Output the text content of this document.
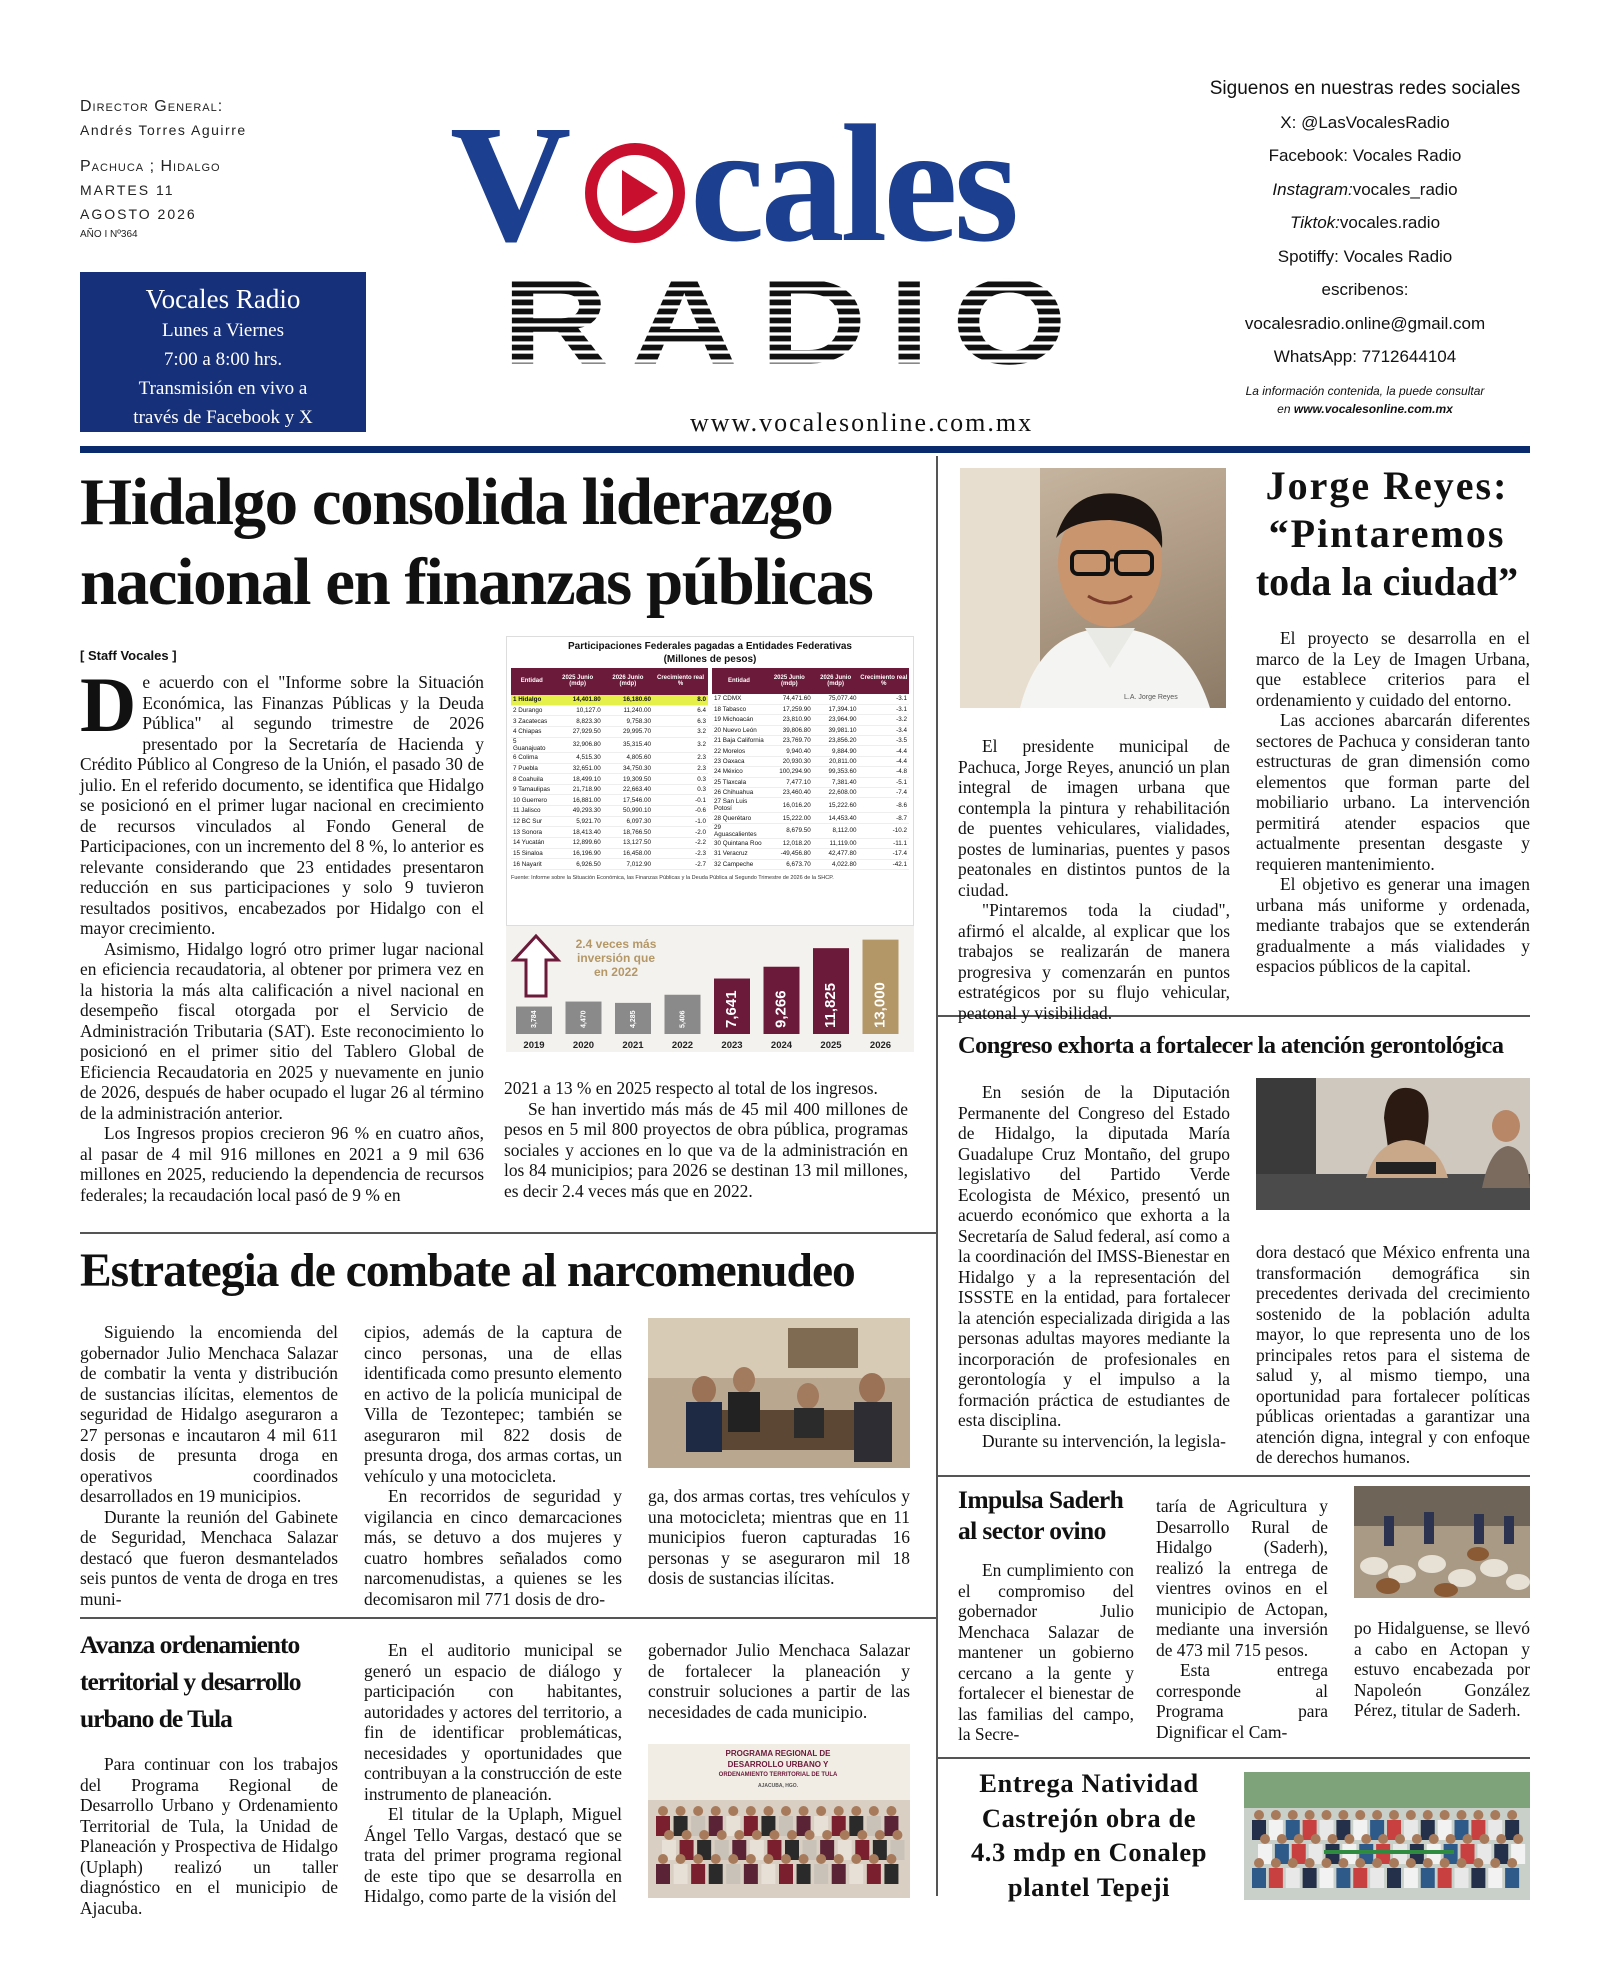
Director General:
Andrés Torres Aguirre
Pachuca ; Hidalgo
MARTES 11
AGOSTO 2026
AÑO I Nº364
Vocales Radio
Lunes a Viernes
7:00 a 8:00 hrs.
Transmisión en vivo a
través de Facebook y X
V cales
RADIO
www.vocalesonline.com.mx
Siguenos en nuestras redes sociales
X: @LasVocalesRadio
Facebook: Vocales Radio
Instagram:vocales_radio
Tiktok:vocales.radio
Spotiffy: Vocales Radio
escribenos:
vocalesradio.online@gmail.com
WhatsApp: 7712644104
La información contenida, la puede consultar
en www.vocalesonline.com.mx
Hidalgo consolida liderazgo
nacional en finanzas públicas
[ Staff Vocales ]

De acuerdo con el "Informe sobre la Situación Económica, las Finanzas Públicas y la Deuda Pública" al segundo trimestre de 2026 presentado por la Secretaría de Hacienda y Crédito Público al Congreso de la Unión, el pasado 30 de julio. En el referido documento, se identifica que Hidalgo se posicionó en el primer lugar nacional en crecimiento de recursos vinculados al Fondo General de Participaciones, con un incremento del 8 %, lo anterior es relevante considerando que 23 entidades presentaron reducción en sus participaciones y solo 9 tuvieron resultados positivos, encabezados por Hidalgo con el mayor crecimiento.

Asimismo, Hidalgo logró otro primer lugar nacional en eficiencia recaudatoria, al obtener por primera vez en la historia la más alta calificación a nivel nacional en desempeño fiscal otorgada por el Servicio de Administración Tributaria (SAT). Este reconocimiento lo posicionó en el primer sitio del Tablero Global de Eficiencia Recaudatoria en 2025 y nuevamente en junio de 2026, después de haber ocupado el lugar 26 al término de la administración anterior.

Los Ingresos propios crecieron 96 % en cuatro años, al pasar de 4 mil 916 millones en 2021 a 9 mil 636 millones en 2025, reduciendo la dependencia de recursos federales; la recaudación local pasó de 9 % en

Participaciones Federales pagadas a Entidades Federativas
(Millones de pesos)
Entidad	2025 Junio (mdp)	2026 Junio (mdp)	Crecimiento real %
1 Hidalgo	14,401.80	16,180.60	8.0
2 Durango	10,127.0	11,240.00	6.4
3 Zacatecas	8,823.30	9,758.30	6.3
4 Chiapas	27,929.50	29,995.70	3.2
5 Guanajuato	32,906.80	35,315.40	3.2
6 Colima	4,515.30	4,805.60	2.3
7 Puebla	32,651.00	34,750.30	2.3
8 Coahuila	18,499.10	19,309.50	0.3
9 Tamaulipas	21,718.90	22,663.40	0.3
10 Guerrero	16,881.00	17,546.00	-0.1
11 Jalisco	49,293.30	50,990.10	-0.6
12 BC Sur	5,921.70	6,097.30	-1.0
13 Sonora	18,413.40	18,766.50	-2.0
14 Yucatán	12,899.60	13,127.50	-2.2
15 Sinaloa	16,196.90	16,458.00	-2.3
16 Nayarit	6,926.50	7,012.90	-2.7
Entidad	2025 Junio (mdp)	2026 Junio (mdp)	Crecimiento real %
17 CDMX	74,471.60	75,077.40	-3.1
18 Tabasco	17,259.90	17,394.10	-3.1
19 Michoacán	23,810.90	23,964.90	-3.2
20 Nuevo León	39,806.80	39,981.10	-3.4
21 Baja California	23,769.70	23,856.20	-3.5
22 Morelos	9,940.40	9,884.90	-4.4
23 Oaxaca	20,930.30	20,811.00	-4.4
24 México	100,294.90	99,353.60	-4.8
25 Tlaxcala	7,477.10	7,381.40	-5.1
26 Chihuahua	23,460.40	22,608.00	-7.4
27 San Luis Potosí	16,016.20	15,222.60	-8.6
28 Querétaro	15,222.00	14,453.40	-8.7
29 Aguascalientes	8,679.50	8,112.00	-10.2
30 Quintana Roo	12,018.20	11,119.00	-11.1
31 Veracruz	-49,456.80	42,477.80	-17.4
32 Campeche	6,673.70	4,022.80	-42.1
Fuente: Informe sobre la Situación Económica, las Finanzas Públicas y la Deuda Pública al Segundo Trimestre de 2026 de la SHCP.
3,784
2019
4,470
2020
4,285
2021
5,406
2022
7,641
2023
9,266
2024
11,825
2025
13,000
2026
2.4 veces más
inversión que
en 2022

2021 a 13 % en 2025 respecto al total de los ingresos.

Se han invertido más más de 45 mil 400 millones de pesos en 5 mil 800 proyectos de obra pública, programas sociales y acciones en lo que va de la administración en los 84 municipios; para 2026 se destinan 13 mil millones, es decir 2.4 veces más que en 2022.

L.A. Jorge Reyes
Jorge Reyes:
“Pintaremos
toda la ciudad”

El presidente municipal de Pachuca, Jorge Reyes, anunció un plan integral de imagen urbana que contempla la pintura y rehabilitación de puentes vehiculares, vialidades, postes de luminarias, puentes y pasos peatonales en distintos puntos de la ciudad.

"Pintaremos toda la ciudad", afirmó el alcalde, al explicar que los trabajos se realizarán de manera progresiva y comenzarán en puntos estratégicos por su flujo vehicular, peatonal y visibilidad.

El proyecto se desarrolla en el marco de la Ley de Imagen Urbana, que establece criterios para el ordenamiento y cuidado del entorno.

Las acciones abarcarán diferentes sectores de Pachuca y consideran tanto estructuras de gran dimensión como elementos que forman parte del mobiliario urbano. La intervención permitirá atender espacios que actualmente presentan desgaste y requieren mantenimiento.

El objetivo es generar una imagen urbana más uniforme y ordenada, mediante trabajos que se extenderán gradualmente a más vialidades y espacios públicos de la capital.

Congreso exhorta a fortalecer la atención gerontológica

En sesión de la Diputación Permanente del Congreso del Estado de Hidalgo, la diputada María Guadalupe Cruz Montaño, del grupo legislativo del Partido Verde Ecologista de México, presentó un acuerdo económico que exhorta a la Secretaría de Salud federal, así como a la coordinación del IMSS-Bienestar en Hidalgo y a la representación del ISSSTE en la entidad, para fortalecer la atención especializada dirigida a las personas adultas mayores mediante la incorporación de profesionales en gerontología y el impulso a la formación práctica de estudiantes de esta disciplina.

Durante su intervención, la legisla-

dora destacó que México enfrenta una transformación demográfica sin precedentes derivada del crecimiento sostenido de la población adulta mayor, lo que representa uno de los principales retos para el sistema de salud y, al mismo tiempo, una oportunidad para fortalecer políticas públicas orientadas a garantizar una atención digna, integral y con enfoque de derechos humanos.

Estrategia de combate al narcomenudeo

Siguiendo la encomienda del gobernador Julio Menchaca Salazar de combatir la venta y distribución de sustancias ilícitas, elementos de seguridad de Hidalgo aseguraron a 27 personas e incautaron 4 mil 611 dosis de presunta droga en operativos coordinados desarrollados en 19 municipios.

Durante la reunión del Gabinete de Seguridad, Menchaca Salazar destacó que fueron desmantelados seis puntos de venta de droga en tres muni-

cipios, además de la captura de cinco personas, una de ellas identificada como presunto elemento en activo de la policía municipal de Villa de Tezontepec; también se aseguraron mil 822 dosis de presunta droga, dos armas cortas, un vehículo y una motocicleta.

En recorridos de seguridad y vigilancia en cinco demarcaciones más, se detuvo a dos mujeres y cuatro hombres señalados como narcomenudistas, a quienes se les decomisaron mil 771 dosis de dro-

ga, dos armas cortas, tres vehículos y una motocicleta; mientras que en 11 municipios fueron capturadas 16 personas y se aseguraron mil 18 dosis de sustancias ilícitas.

Impulsa Saderh
al sector ovino

En cumplimiento con el compromiso del gobernador Julio Menchaca Salazar de mantener un gobierno cercano a la gente y fortalecer el bienestar de las familias del campo, la Secre-

taría de Agricultura y Desarrollo Rural de Hidalgo (Saderh), realizó la entrega de vientres ovinos en el municipio de Actopan, mediante una inversión de 473 mil 715 pesos.

Esta entrega corresponde al Programa para Dignificar el Cam-

po Hidalguense, se llevó a cabo en Actopan y estuvo encabezada por Napoleón González Pérez, titular de Saderh.

Avanza ordenamiento
territorial y desarrollo
urbano de Tula

Para continuar con los trabajos del Programa Regional de Desarrollo Urbano y Ordenamiento Territorial de Tula, la Unidad de Planeación y Prospectiva de Hidalgo (Uplaph) realizó un taller diagnóstico en el municipio de Ajacuba.

En el auditorio municipal se generó un espacio de diálogo y participación con habitantes, autoridades y actores del territorio, a fin de identificar problemáticas, necesidades y oportunidades que contribuyan a la construcción de este instrumento de planeación.

El titular de la Uplaph, Miguel Ángel Tello Vargas, destacó que se trata del primer programa regional de este tipo que se desarrolla en Hidalgo, como parte de la visión del

gobernador Julio Menchaca Salazar de fortalecer la planeación y construir soluciones a partir de las necesidades de cada municipio.

PROGRAMA REGIONAL DE
DESARROLLO URBANO Y
ORDENAMIENTO TERRITORIAL DE TULA
AJACUBA, HGO.	Entrega Natividad
Castrejón obra de
4.3 mdp en Conalep
plantel Tepeji
